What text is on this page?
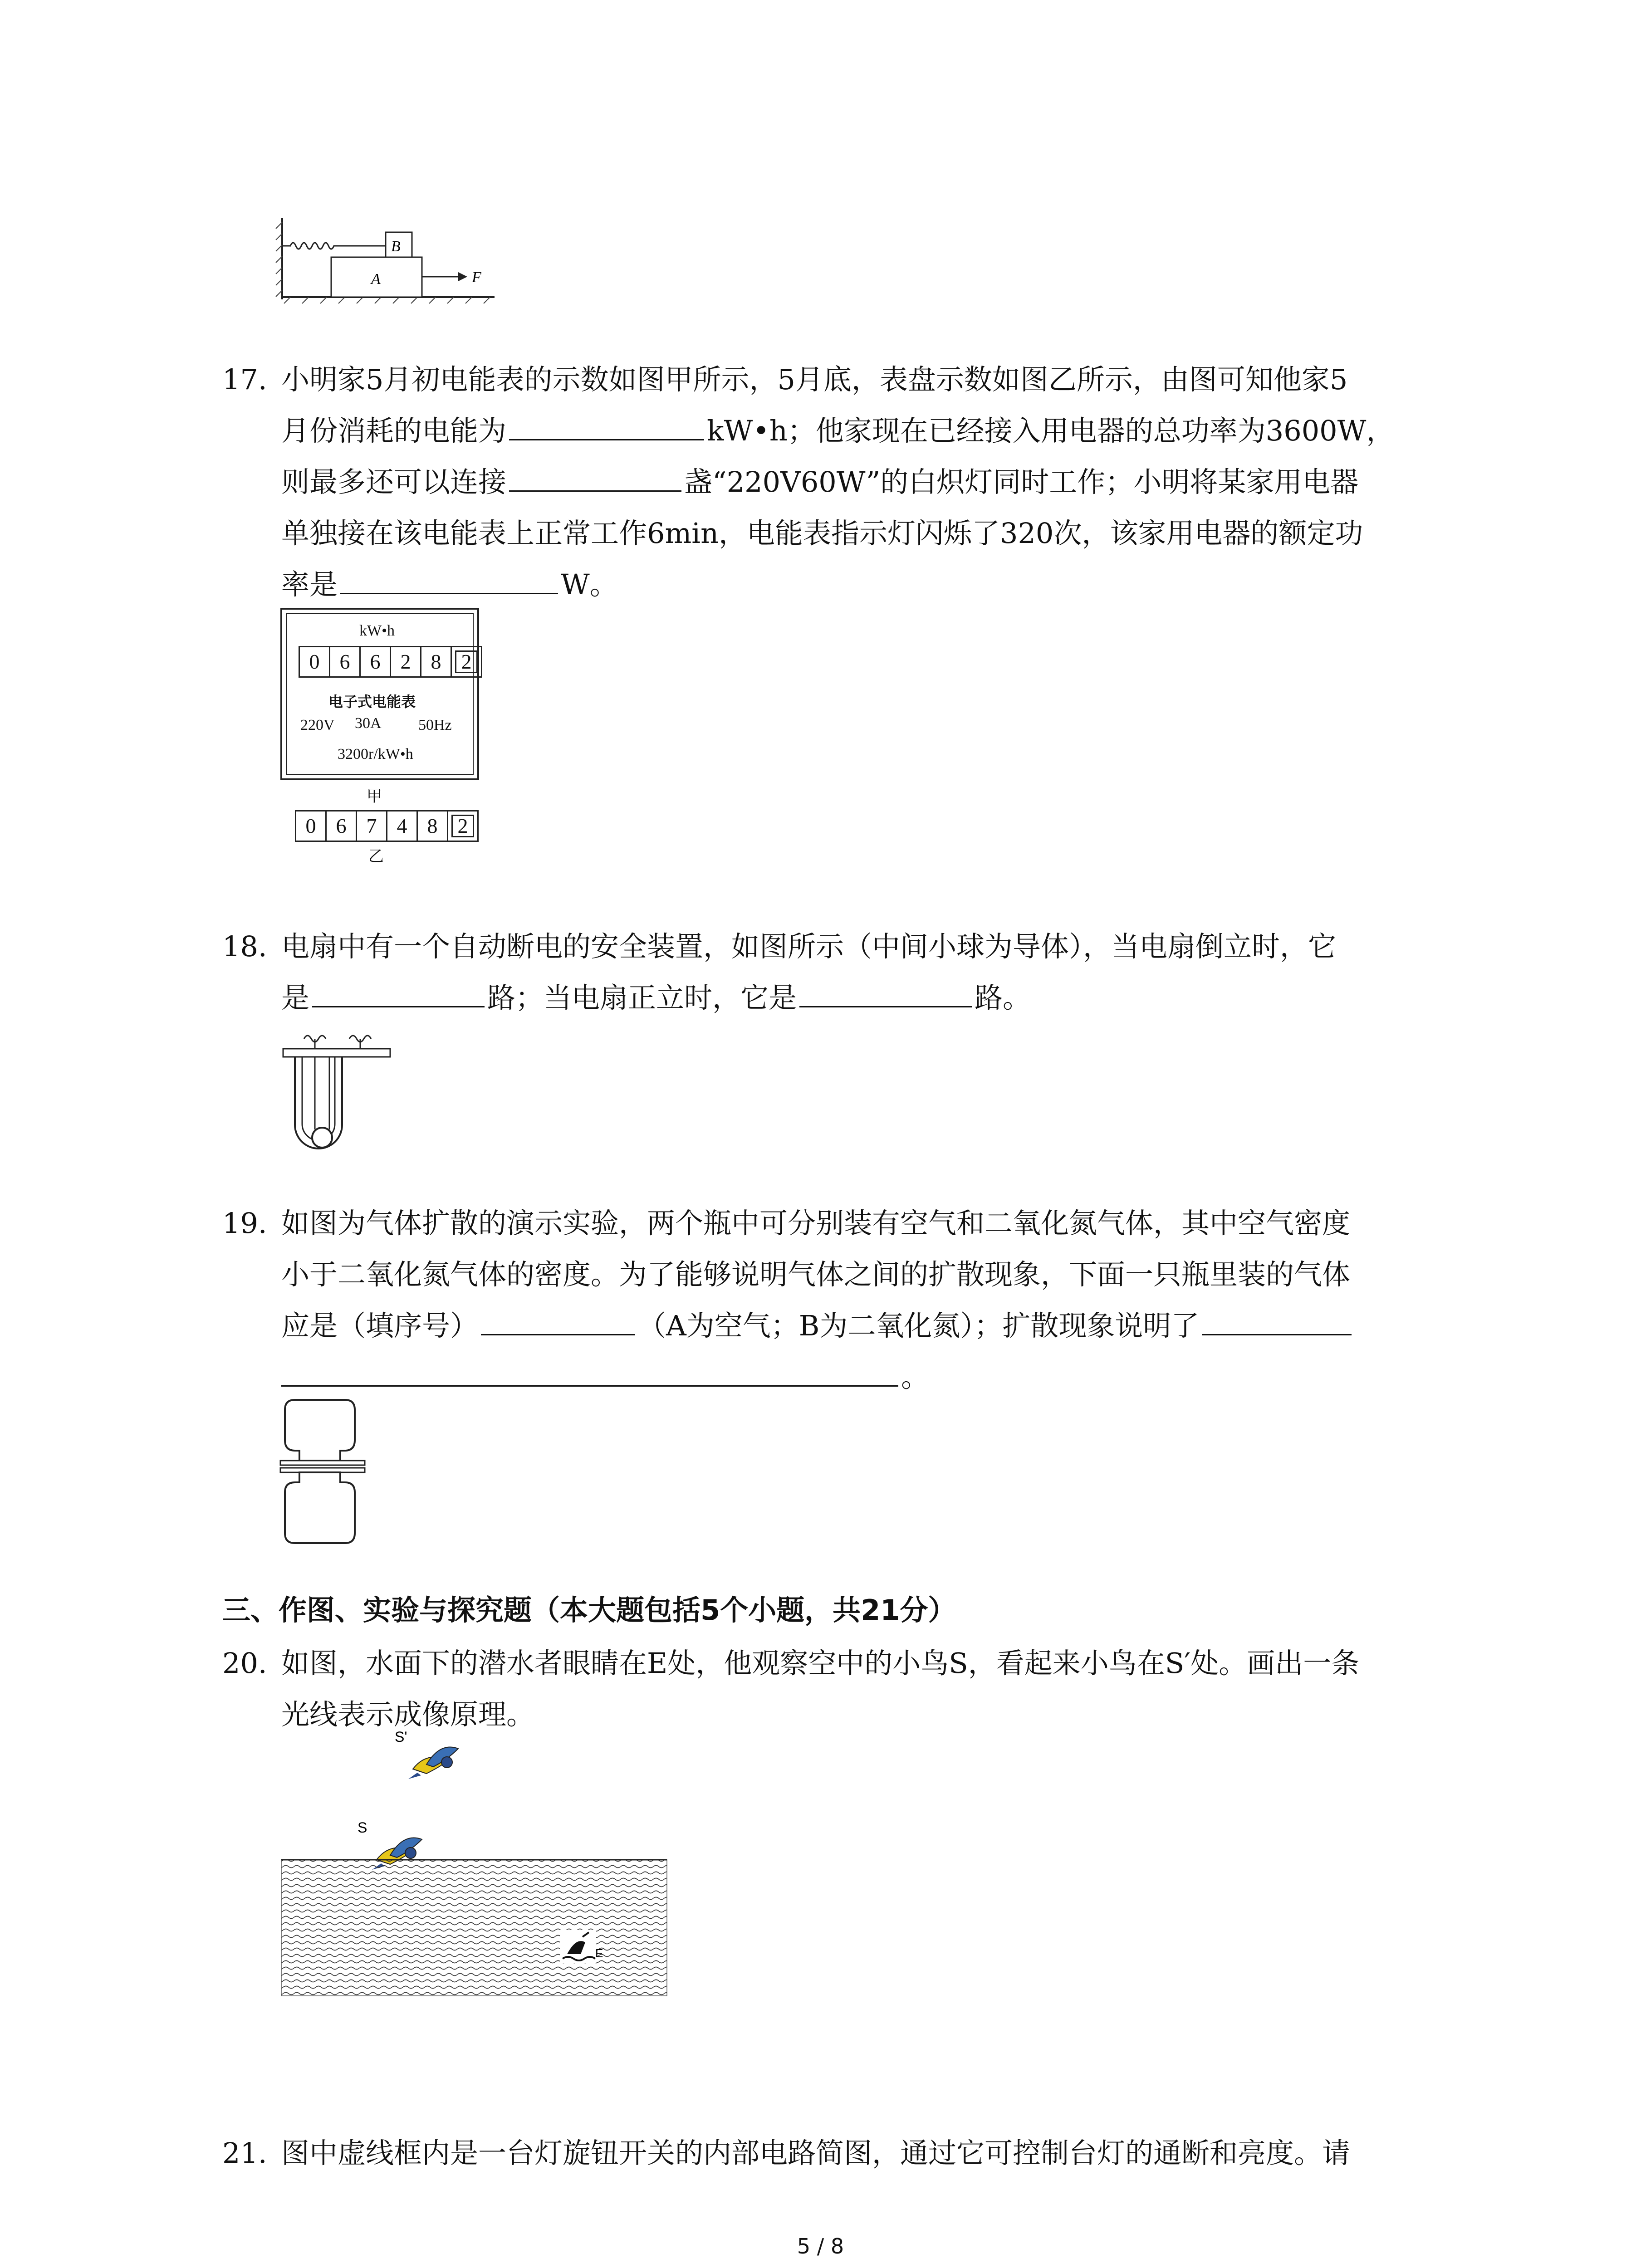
B
A	F
17. 小明家5月初电能表的示数如图甲所示，5月底，表盘示数如图乙所示，由图可知他家5
月份消耗的电能为	kW•h；他家现在已经接入用电器的总功率为3600W，
则最多还可以连接	盏“220V60W”的白炽灯同时工作；小明将某家用电器
单独接在该电能表上正常工作6min，电能表指示灯闪烁了320次，该家用电器的额定功
率是	W。
kW•h
0 6 6 2 8 2
电子式电能表
220V 30A 50Hz
3200r/kW•h
甲
0 6 7 4 8 2
乙
18. 电扇中有一个自动断电的安全装置，如图所示（中间小球为导体），当电扇倒立时，它
是	路；当电扇正立时，它是	路。
19. 如图为气体扩散的演示实验，两个瓶中可分别装有空气和二氧化氮气体，其中空气密度
小于二氧化氮气体的密度。为了能够说明气体之间的扩散现象，下面一只瓶里装的气体
应是（填序号）	（A为空气；B为二氧化氮）；扩散现象说明了
。
三、作图、实验与探究题（本大题包括5个小题，共21分）
20. 如图，水面下的潜水者眼睛在E处，他观察空中的小鸟S，看起来小鸟在S′处。画出一条
光线表示成像原理。
S'
S
E
21. 图中虚线框内是一台灯旋钮开关的内部电路简图，通过它可控制台灯的通断和亮度。请
5 / 8
